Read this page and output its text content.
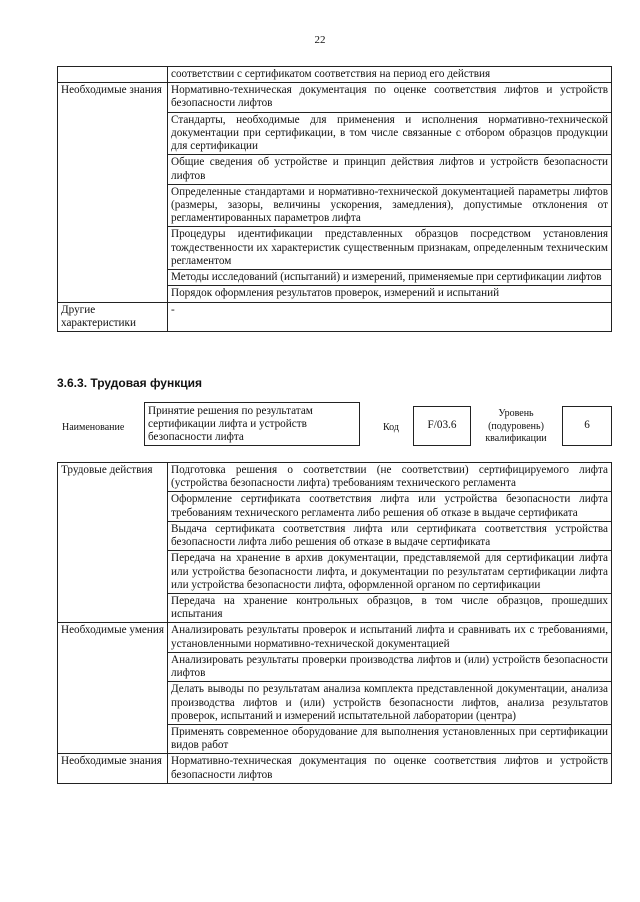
22
	соответствии с сертификатом соответствия на период его действия
Необходимые знания	Нормативно-техническая документация по оценке соответствия лифтов и устройств безопасности лифтов
	Стандарты, необходимые для применения и исполнения нормативно-технической документации при сертификации, в том числе связанные с отбором образцов продукции для сертификации
	Общие сведения об устройстве и принцип действия лифтов и устройств безопасности лифтов
	Определенные стандартами и нормативно-технической документацией параметры лифтов (размеры, зазоры, величины ускорения, замедления), допустимые отклонения от регламентированных параметров лифта
	Процедуры идентификации представленных образцов посредством установления тождественности их характеристик существенным признакам, определенным техническим регламентом
	Методы исследований (испытаний) и измерений, применяемые при сертификации лифтов
	Порядок оформления результатов проверок, измерений и испытаний
Другие характеристики	-
3.6.3. Трудовая функция
Наименование
Принятие решения по результатам сертификации лифта и устройств безопасности лифта
Код	F/03.6
Уровень (подуровень) квалификации
6
Трудовые действия	Подготовка решения о соответствии (не соответствии) сертифицируемого лифта (устройства безопасности лифта) требованиям технического регламента
	Оформление сертификата соответствия лифта или устройства безопасности лифта требованиям технического регламента либо решения об отказе в выдаче сертификата
	Выдача сертификата соответствия лифта или сертификата соответствия устройства безопасности лифта либо решения об отказе в выдаче сертификата
	Передача на хранение в архив документации, представляемой для сертификации лифта или устройства безопасности лифта, и документации по результатам сертификации лифта или устройства безопасности лифта, оформленной органом по сертификации
	Передача на хранение контрольных образцов, в том числе образцов, прошедших испытания
Необходимые умения	Анализировать результаты проверок и испытаний лифта и сравнивать их с требованиями, установленными нормативно-технической документацией
	Анализировать результаты проверки производства лифтов и (или) устройств безопасности лифтов
	Делать выводы по результатам анализа комплекта представленной документации, анализа производства лифтов и (или) устройств безопасности лифтов, анализа результатов проверок, испытаний и измерений испытательной лаборатории (центра)
	Применять современное оборудование для выполнения установленных при сертификации видов работ
Необходимые знания	Нормативно-техническая документация по оценке соответствия лифтов и устройств безопасности лифтов
